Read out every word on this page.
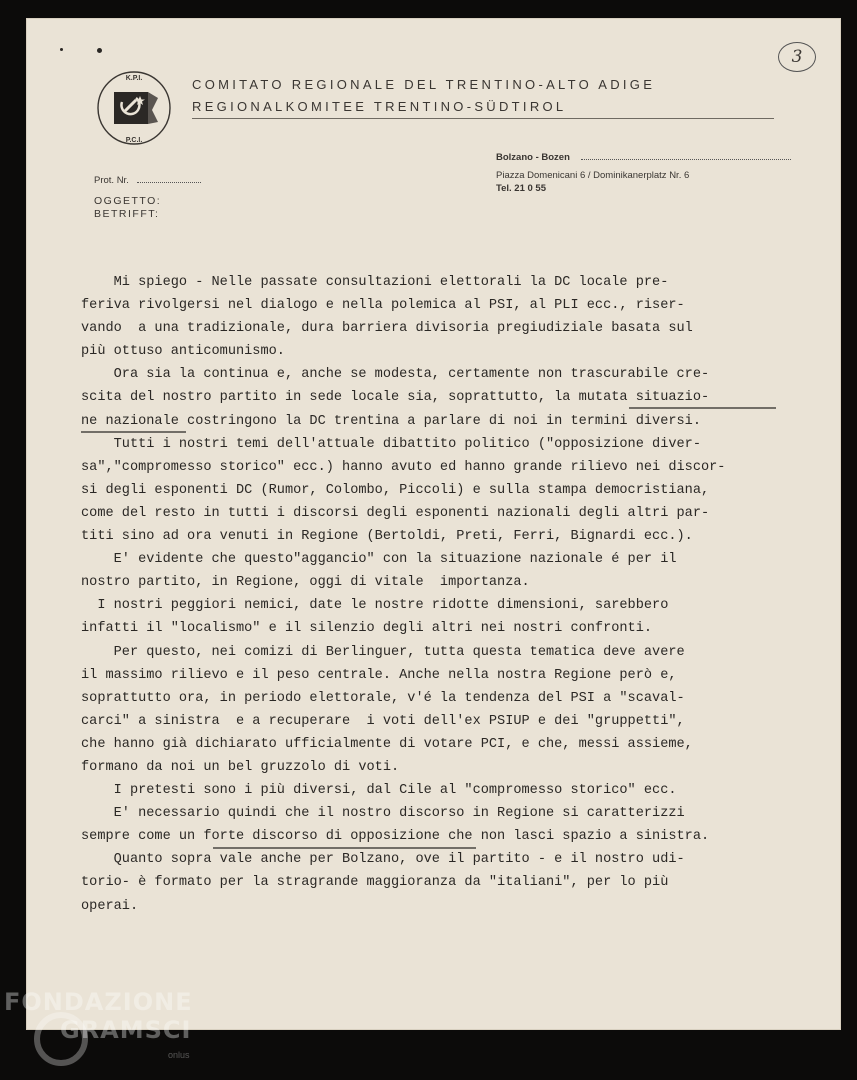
K.P.I.
P.C.I.
COMITATO REGIONALE DEL TRENTINO-ALTO ADIGE
REGIONALKOMITEE TRENTINO-SÜDTIROL
3
Bolzano - Bozen
Piazza Domenicani 6 / Dominikanerplatz Nr. 6
Tel. 21 0 55
Prot. Nr.
OGGETTO:
BETRIFFT:
Mi spiego - Nelle passate consultazioni elettorali la DC locale pre-
feriva rivolgersi nel dialogo e nella polemica al PSI, al PLI ecc., riser-
vando  a una tradizionale, dura barriera divisoria pregiudiziale basata sul
più ottuso anticomunismo.
Ora sia la continua e, anche se modesta, certamente non trascurabile cre-
scita del nostro partito in sede locale sia, soprattutto, la mutata situazio-
ne nazionale costringono la DC trentina a parlare di noi in termini diversi.
Tutti i nostri temi dell'attuale dibattito politico ("opposizione diver-
sa","compromesso storico" ecc.) hanno avuto ed hanno grande rilievo nei discor-
si degli esponenti DC (Rumor, Colombo, Piccoli) e sulla stampa democristiana,
come del resto in tutti i discorsi degli esponenti nazionali degli altri par-
titi sino ad ora venuti in Regione (Bertoldi, Preti, Ferri, Bignardi ecc.).
E' evidente che questo"aggancio" con la situazione nazionale é per il
nostro partito, in Regione, oggi di vitale  importanza.
I nostri peggiori nemici, date le nostre ridotte dimensioni, sarebbero
infatti il "localismo" e il silenzio degli altri nei nostri confronti.
Per questo, nei comizi di Berlinguer, tutta questa tematica deve avere
il massimo rilievo e il peso centrale. Anche nella nostra Regione però e,
soprattutto ora, in periodo elettorale, v'é la tendenza del PSI a "scaval-
carci" a sinistra  e a recuperare  i voti dell'ex PSIUP e dei "gruppetti",
che hanno già dichiarato ufficialmente di votare PCI, e che, messi assieme,
formano da noi un bel gruzzolo di voti.
I pretesti sono i più diversi, dal Cile al "compromesso storico" ecc.
E' necessario quindi che il nostro discorso in Regione si caratterizzi
sempre come un forte discorso di opposizione che non lasci spazio a sinistra.
Quanto sopra vale anche per Bolzano, ove il partito - e il nostro udi-
torio- è formato per la stragrande maggioranza da "italiani", per lo più
operai.
FONDAZIONE
GRAMSCI
onlus
